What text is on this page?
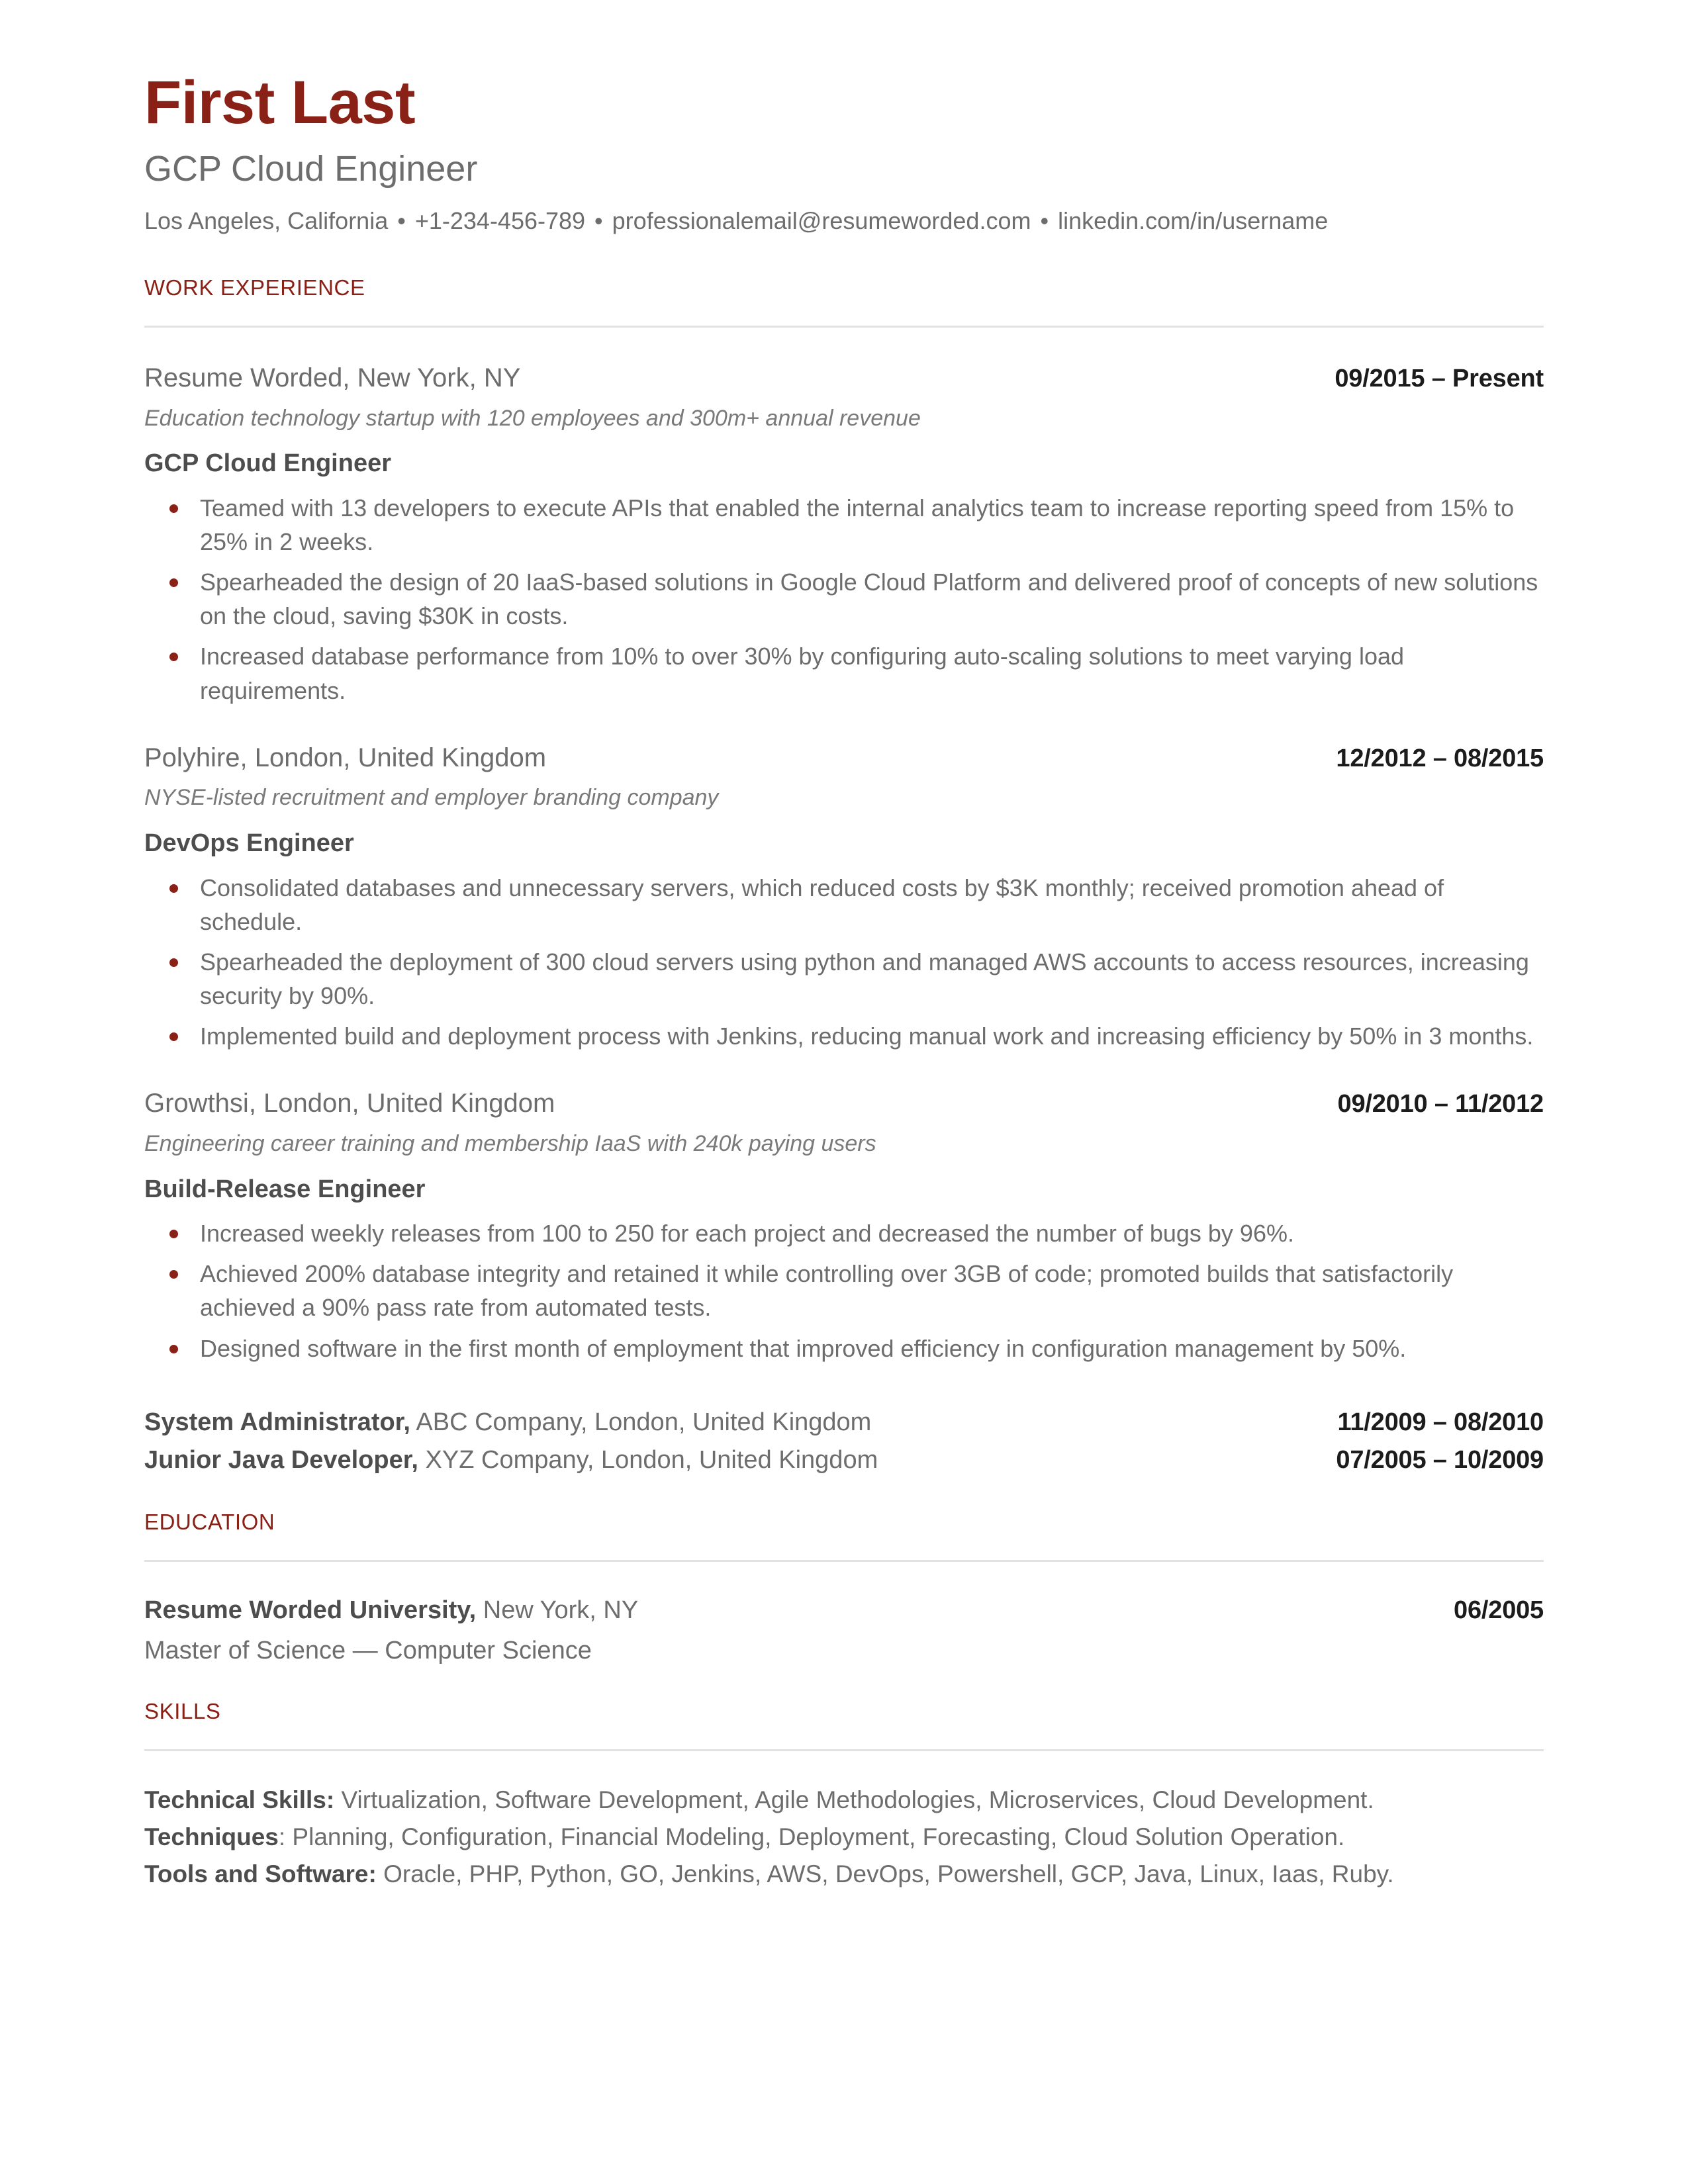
First Last
GCP Cloud Engineer
Los Angeles, California • +1-234-456-789 • professionalemail@resumeworded.com • linkedin.com/in/username
WORK EXPERIENCE
Resume Worded, New York, NY	09/2015 – Present
Education technology startup with 120 employees and 300m+ annual revenue
GCP Cloud Engineer
Teamed with 13 developers to execute APIs that enabled the internal analytics team to increase reporting speed from 15% to 25% in 2 weeks.
Spearheaded the design of 20 IaaS-based solutions in Google Cloud Platform and delivered proof of concepts of new solutions on the cloud, saving $30K in costs.
Increased database performance from 10% to over 30% by configuring auto-scaling solutions to meet varying load requirements.
Polyhire, London, United Kingdom	12/2012 – 08/2015
NYSE-listed recruitment and employer branding company
DevOps Engineer
Consolidated databases and unnecessary servers, which reduced costs by $3K monthly; received promotion ahead of schedule.
Spearheaded the deployment of 300 cloud servers using python and managed AWS accounts to access resources, increasing security by 90%.
Implemented build and deployment process with Jenkins, reducing manual work and increasing efficiency by 50% in 3 months.
Growthsi, London, United Kingdom	09/2010 – 11/2012
Engineering career training and membership IaaS with 240k paying users
Build-Release Engineer
Increased weekly releases from 100 to 250 for each project and decreased the number of bugs by 96%.
Achieved 200% database integrity and retained it while controlling over 3GB of code; promoted builds that satisfactorily achieved a 90% pass rate from automated tests.
Designed software in the first month of employment that improved efficiency in configuration management by 50%.
System Administrator, ABC Company, London, United Kingdom	11/2009 – 08/2010
Junior Java Developer, XYZ Company, London, United Kingdom	07/2005 – 10/2009
EDUCATION
Resume Worded University, New York, NY	06/2005
Master of Science — Computer Science
SKILLS
Technical Skills: Virtualization, Software Development, Agile Methodologies, Microservices, Cloud Development.
Techniques: Planning, Configuration, Financial Modeling, Deployment, Forecasting, Cloud Solution Operation.
Tools and Software: Oracle, PHP, Python, GO, Jenkins, AWS, DevOps, Powershell, GCP, Java, Linux, Iaas, Ruby.
